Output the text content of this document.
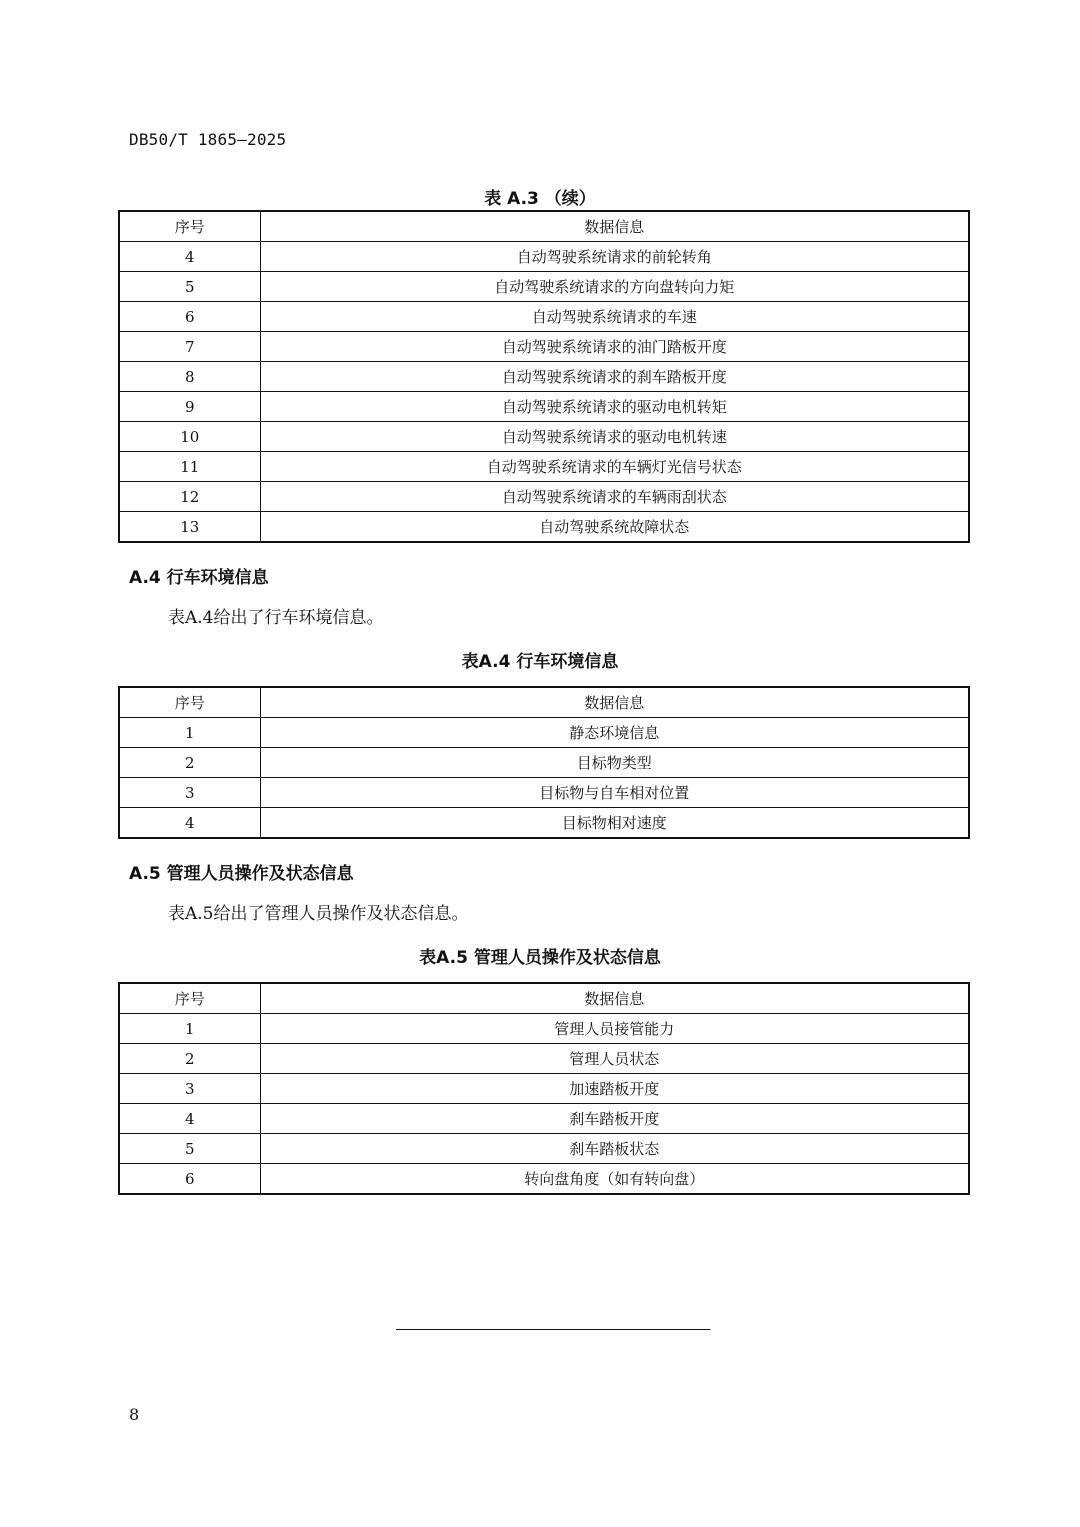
DB50/T 1865—2025
表 A.3 （续）
序号	数据信息
4	自动驾驶系统请求的前轮转角
5	自动驾驶系统请求的方向盘转向力矩
6	自动驾驶系统请求的车速
7	自动驾驶系统请求的油门踏板开度
8	自动驾驶系统请求的刹车踏板开度
9	自动驾驶系统请求的驱动电机转矩
10	自动驾驶系统请求的驱动电机转速
11	自动驾驶系统请求的车辆灯光信号状态
12	自动驾驶系统请求的车辆雨刮状态
13	自动驾驶系统故障状态
A.4 行车环境信息
表A.4给出了行车环境信息。
表A.4 行车环境信息
序号	数据信息
1	静态环境信息
2	目标物类型
3	目标物与自车相对位置
4	目标物相对速度
A.5 管理人员操作及状态信息
表A.5给出了管理人员操作及状态信息。
表A.5 管理人员操作及状态信息
序号	数据信息
1	管理人员接管能力
2	管理人员状态
3	加速踏板开度
4	刹车踏板开度
5	刹车踏板状态
6	转向盘角度（如有转向盘）
8
